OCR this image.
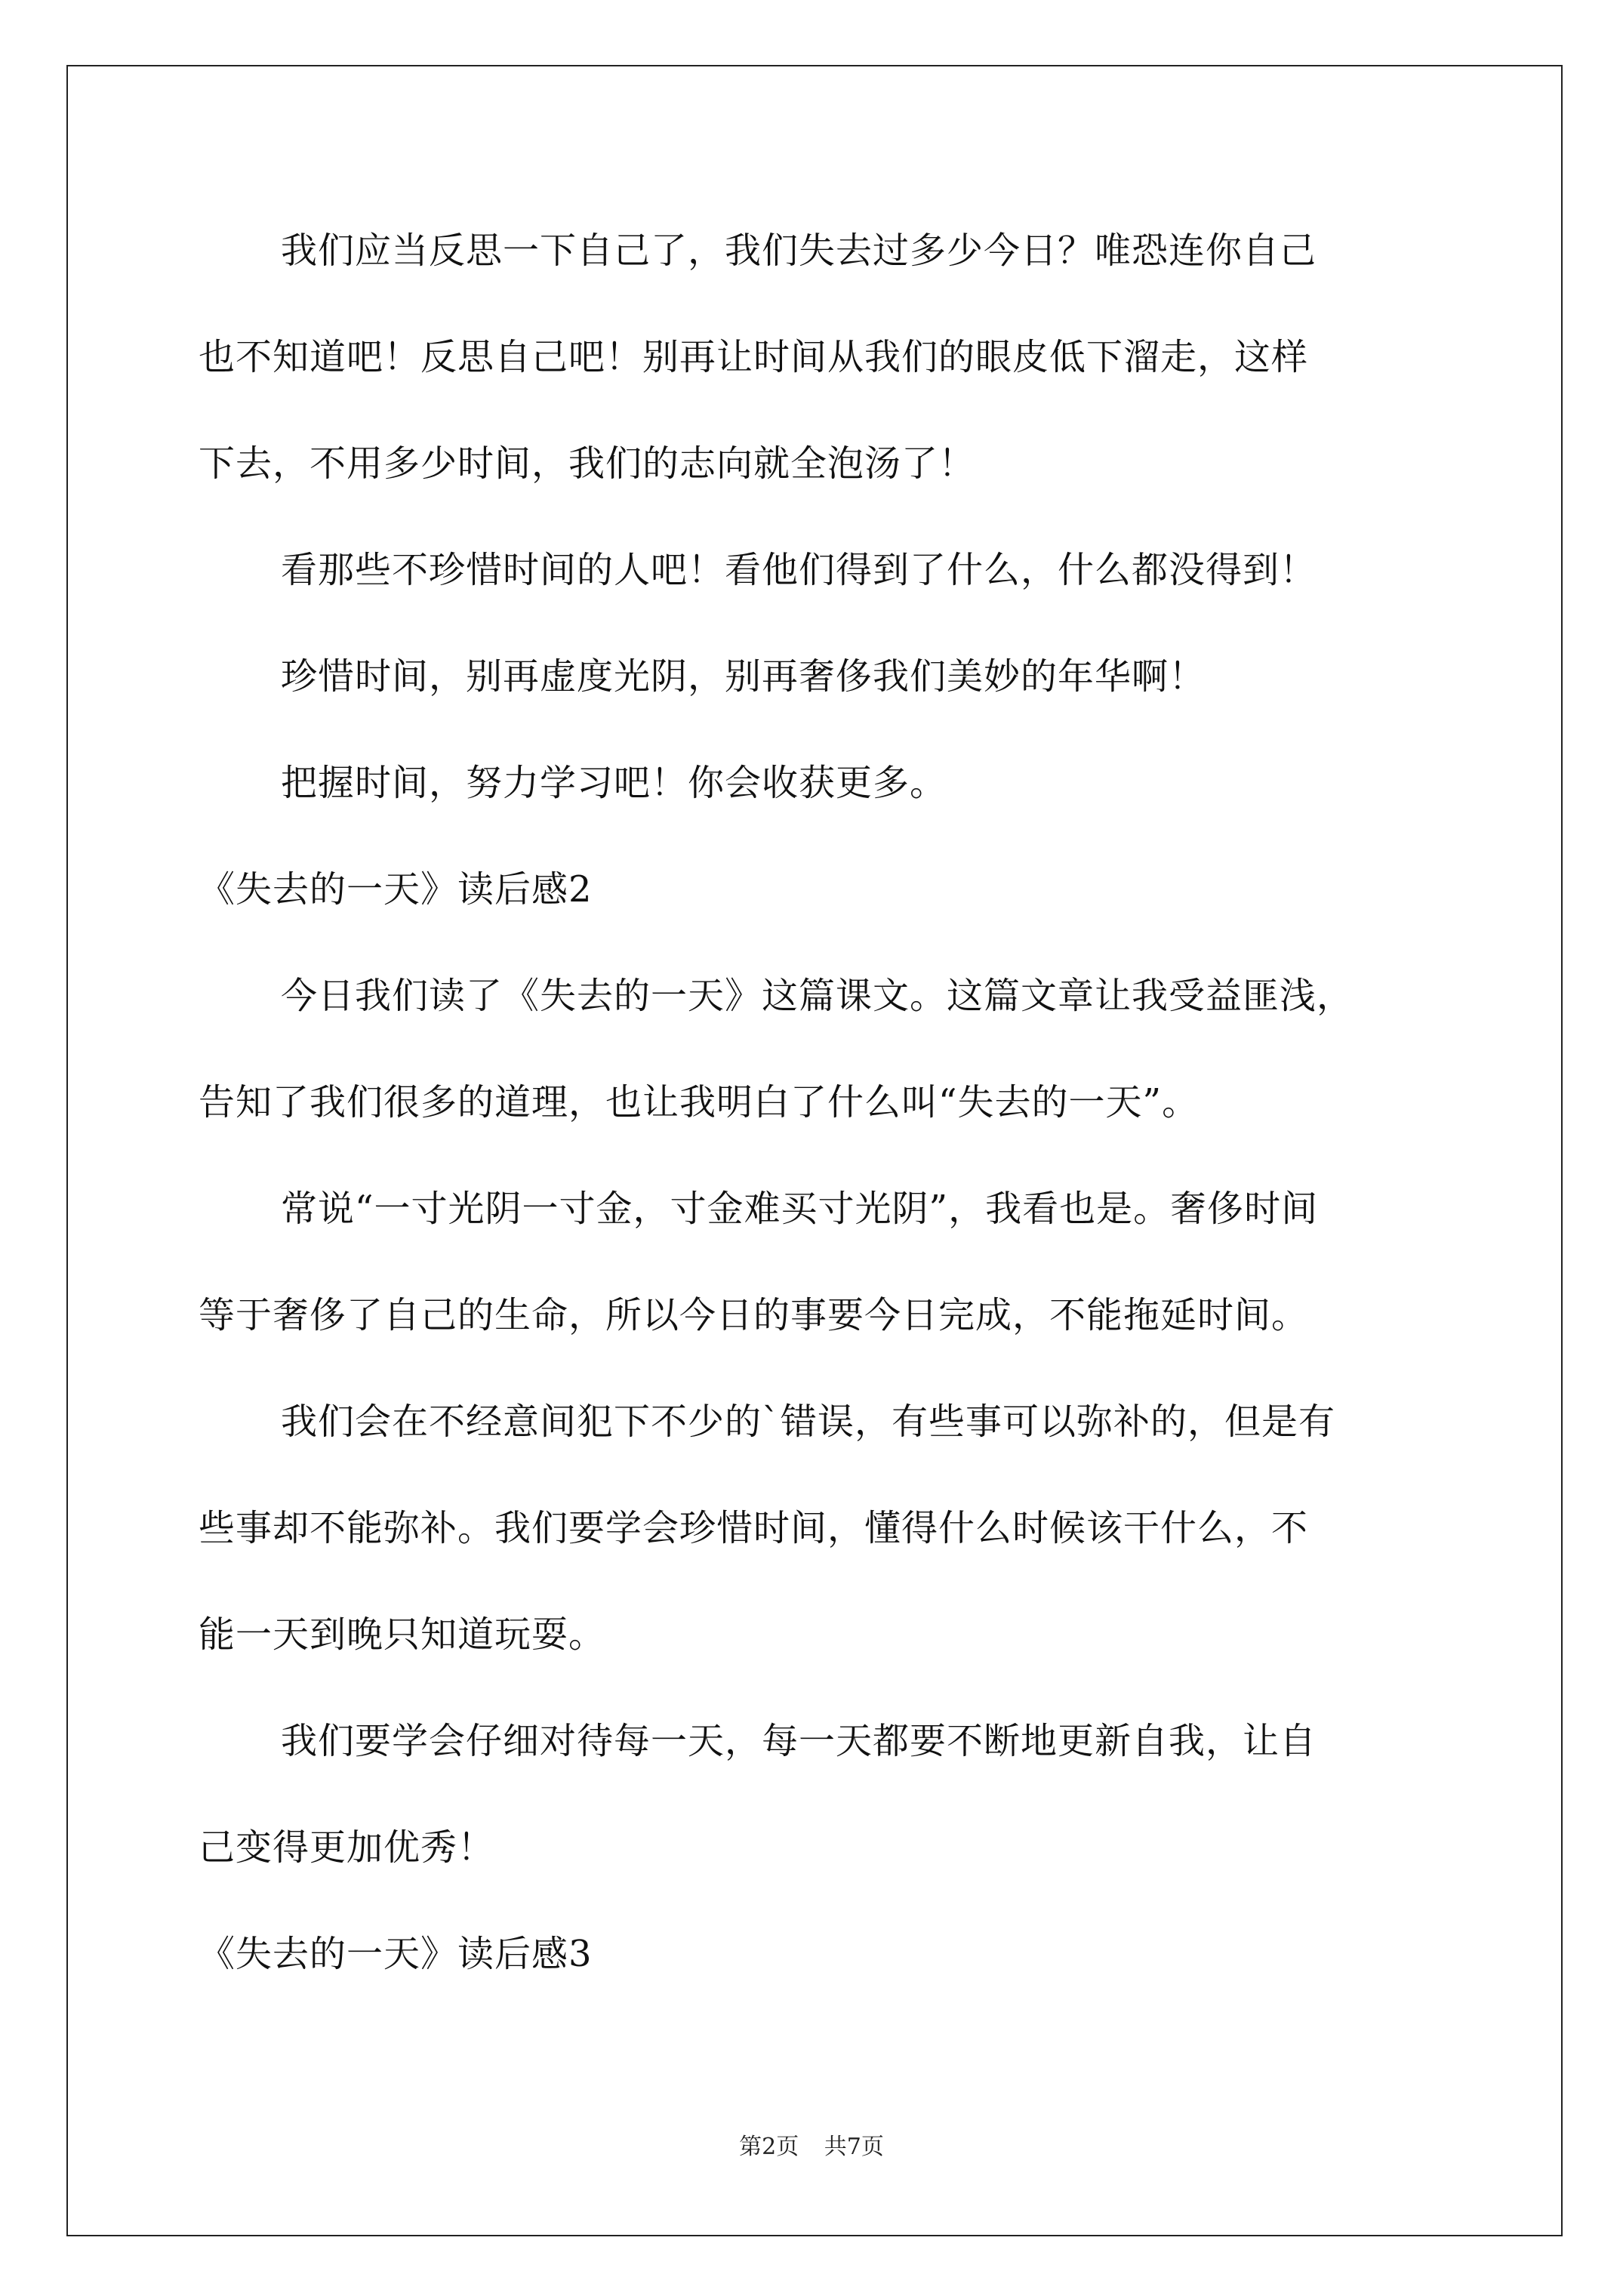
我们应当反思一下自己了，我们失去过多少今日？唯恐连你自己
也不知道吧！反思自己吧！别再让时间从我们的眼皮低下溜走，这样
下去，不用多少时间，我们的志向就全泡汤了！
看那些不珍惜时间的人吧！看他们得到了什么，什么都没得到！
珍惜时间，别再虚度光阴，别再奢侈我们美妙的年华啊！
把握时间，努力学习吧！你会收获更多。
《失去的一天》读后感2
今日我们读了《失去的一天》这篇课文。这篇文章让我受益匪浅，
告知了我们很多的道理，也让我明白了什么叫“失去的一天”。
常说“一寸光阴一寸金，寸金难买寸光阴”，我看也是。奢侈时间
等于奢侈了自己的生命，所以今日的事要今日完成，不能拖延时间。
我们会在不经意间犯下不少的`错误，有些事可以弥补的，但是有
些事却不能弥补。我们要学会珍惜时间，懂得什么时候该干什么，不
能一天到晚只知道玩耍。
我们要学会仔细对待每一天，每一天都要不断地更新自我，让自
己变得更加优秀！
《失去的一天》读后感3
第2页 共7页
